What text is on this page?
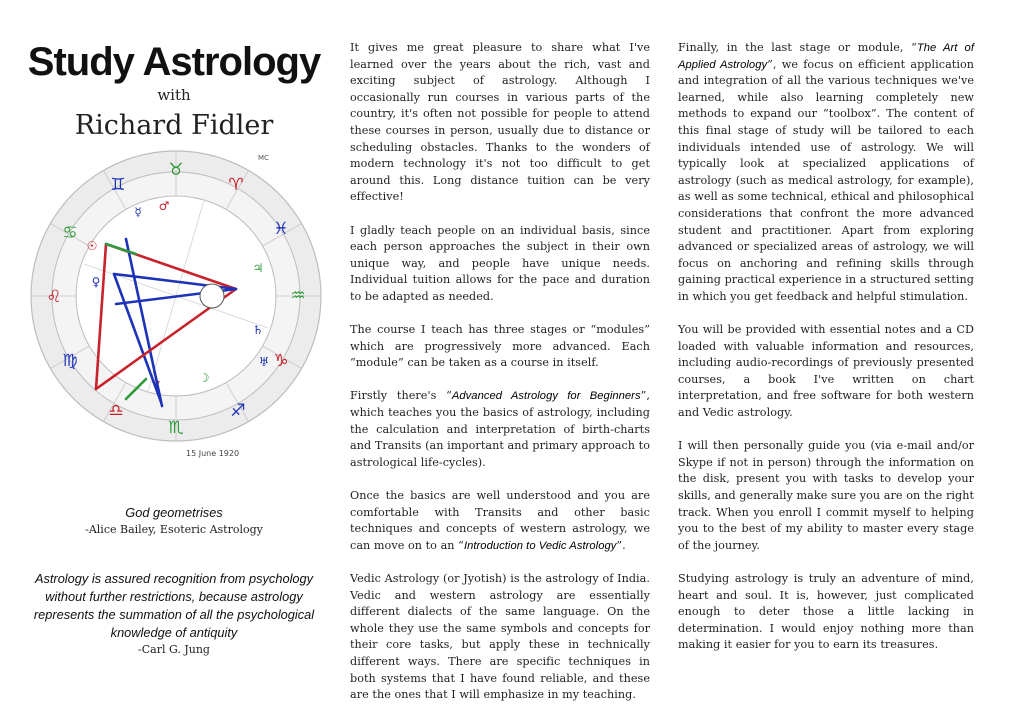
Study Astrology
with
Richard Fidler
♉
♈
♓
♒
♑
♐
♏
♎
♍
♌
♋
♊
☿ ♂
♃
☉
♀
♄
☽
♆
♅
MC
15 June 1920

God geometrises

-Alice Bailey, Esoteric Astrology

Astrology is assured recognition from psychology without further restrictions, because astrology represents the summation of all the psychological knowledge of antiquity

-Carl G. Jung

It gives me great pleasure to share what I've learned over the years about the rich, vast and exciting subject of astrology. Although I occasionally run courses in various parts of the country, it's often not possible for people to attend these courses in person, usually due to distance or scheduling obstacles. Thanks to the wonders of modern technology it's not too difficult to get around this. Long distance tuition can be very effective!

I gladly teach people on an individual basis, since each person approaches the subject in their own unique way, and people have unique needs. Individual tuition allows for the pace and duration to be adapted as needed.

The course I teach has three stages or “modules” which are progressively more advanced. Each “module” can be taken as a course in itself.

Firstly there's “Advanced Astrology for Beginners”, which teaches you the basics of astrology, including the calculation and interpretation of birth-charts and Transits (an important and primary approach to astrological life-cycles).

Once the basics are well understood and you are comfortable with Transits and other basic techniques and concepts of western astrology, we can move on to an “Introduction to Vedic Astrology”.

Vedic Astrology (or Jyotish) is the astrology of India. Vedic and western astrology are essentially different dialects of the same language. On the whole they use the same symbols and concepts for their core tasks, but apply these in technically different ways. There are specific techniques in both systems that I have found reliable, and these are the ones that I will emphasize in my teaching.

Finally, in the last stage or module, “The Art of Applied Astrology”, we focus on efficient application and integration of all the various techniques we've learned, while also learning completely new methods to expand our “toolbox”. The content of this final stage of study will be tailored to each individuals intended use of astrology. We will typically look at specialized applications of astrology (such as medical astrology, for example), as well as some technical, ethical and philosophical considerations that confront the more advanced student and practitioner. Apart from exploring advanced or specialized areas of astrology, we will focus on anchoring and refining skills through gaining practical experience in a structured setting in which you get feedback and helpful stimulation.

You will be provided with essential notes and a CD loaded with valuable information and resources, including audio-recordings of previously presented courses, a book I've written on chart interpretation, and free software for both western and Vedic astrology.

I will then personally guide you (via e-mail and/or Skype if not in person) through the information on the disk, present you with tasks to develop your skills, and generally make sure you are on the right track. When you enroll I commit myself to helping you to the best of my ability to master every stage of the journey.

Studying astrology is truly an adventure of mind, heart and soul. It is, however, just complicated enough to deter those a little lacking in determination. I would enjoy nothing more than making it easier for you to earn its treasures.
